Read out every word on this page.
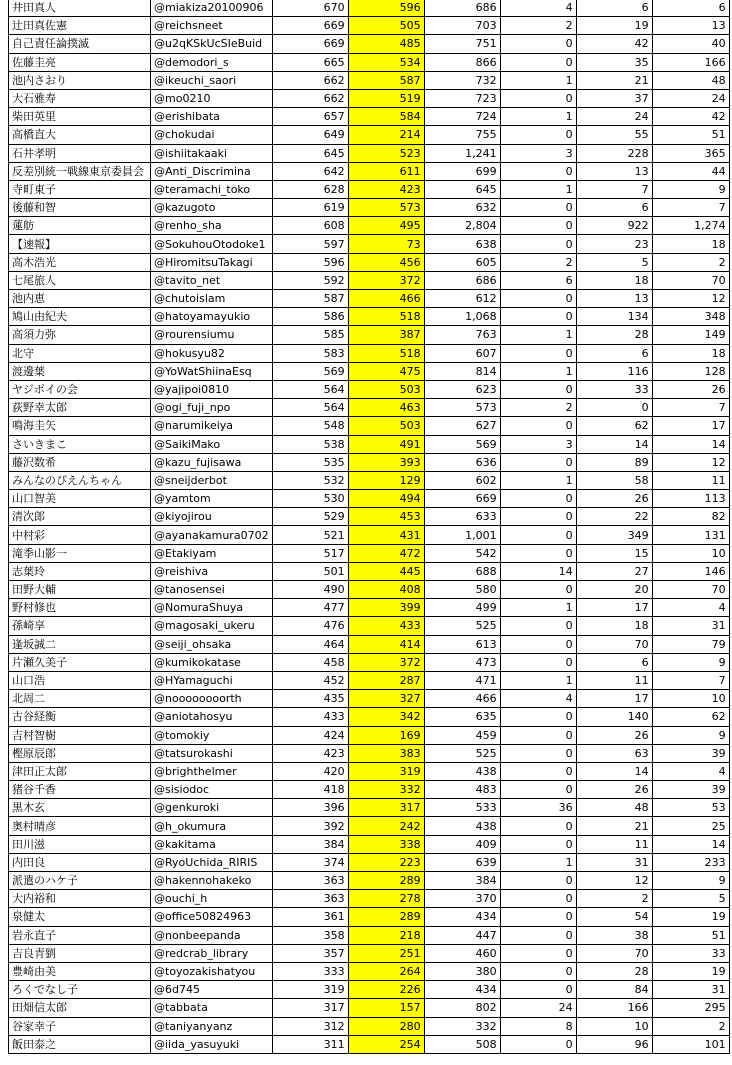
井田真人	@miakiza20100906	670	596	686	4	6	6
辻田真佐憲	@reichsneet	669	505	703	2	19	13
自己責任論撲滅	@u2qKSkUcSIeBuid	669	485	751	0	42	40
佐藤圭亮	@demodori_s	665	534	866	0	35	166
池内さおり	@ikeuchi_saori	662	587	732	1	21	48
大石雅寿	@mo0210	662	519	723	0	37	24
柴田英里	@erishibata	657	584	724	1	24	42
高橋直大	@chokudai	649	214	755	0	55	51
石井孝明	@ishiitakaaki	645	523	1,241	3	228	365
反差別統一戦線東京委員会	@Anti_Discrimina	642	611	699	0	13	44
寺町東子	@teramachi_toko	628	423	645	1	7	9
後藤和智	@kazugoto	619	573	632	0	6	7
蓮舫	@renho_sha	608	495	2,804	0	922	1,274
【速報】	@SokuhouOtodoke1	597	73	638	0	23	18
高木浩光	@HiromitsuTakagi	596	456	605	2	5	2
七尾旅人	@tavito_net	592	372	686	6	18	70
池内恵	@chutoislam	587	466	612	0	13	12
鳩山由紀夫	@hatoyamayukio	586	518	1,068	0	134	348
高須力弥	@rourensiumu	585	387	763	1	28	149
北守	@hokusyu82	583	518	607	0	6	18
渡邊葉	@YoWatShiinaEsq	569	475	814	1	116	128
ヤジポイの会	@yajipoi0810	564	503	623	0	33	26
荻野幸太郎	@ogi_fuji_npo	564	463	573	2	0	7
鳴海圭矢	@narumikeiya	548	503	627	0	62	17
さいきまこ	@SaikiMako	538	491	569	3	14	14
藤沢数希	@kazu_fujisawa	535	393	636	0	89	12
みんなのぴえんちゃん	@sneijderbot	532	129	602	1	58	11
山口智美	@yamtom	530	494	669	0	26	113
清次郎	@kiyojirou	529	453	633	0	22	82
中村彩	@ayanakamura0702	521	431	1,001	0	349	131
滝季山影一	@Etakiyam	517	472	542	0	15	10
志葉玲	@reishiva	501	445	688	14	27	146
田野大輔	@tanosensei	490	408	580	0	20	70
野村修也	@NomuraShuya	477	399	499	1	17	4
孫崎享	@magosaki_ukeru	476	433	525	0	18	31
逢坂誠二	@seiji_ohsaka	464	414	613	0	70	79
片瀬久美子	@kumikokatase	458	372	473	0	6	9
山口浩	@HYamaguchi	452	287	471	1	11	7
北周二	@noooooooorth	435	327	466	4	17	10
古谷経衡	@aniotahosyu	433	342	635	0	140	62
吉村智樹	@tomokiy	424	169	459	0	26	9
樫原辰郎	@tatsurokashi	423	383	525	0	63	39
津田正太郎	@brighthelmer	420	319	438	0	14	4
猪谷千香	@sisiodoc	418	332	483	0	26	39
黒木玄	@genkuroki	396	317	533	36	48	53
奥村晴彦	@h_okumura	392	242	438	0	21	25
田川滋	@kakitama	384	338	409	0	11	14
内田良	@RyoUchida_RIRIS	374	223	639	1	31	233
派遣のハケ子	@hakennohakeko	363	289	384	0	12	9
大内裕和	@ouchi_h	363	278	370	0	2	5
泉健太	@office50824963	361	289	434	0	54	19
岩永直子	@nonbeepanda	358	218	447	0	38	51
吉良青劉	@redcrab_library	357	251	460	0	70	33
豊崎由美	@toyozakishatyou	333	264	380	0	28	19
ろくでなし子	@6d745	319	226	434	0	84	31
田畑信太郎	@tabbata	317	157	802	24	166	295
谷家幸子	@taniyanyanz	312	280	332	8	10	2
飯田泰之	@iida_yasuyuki	311	254	508	0	96	101
